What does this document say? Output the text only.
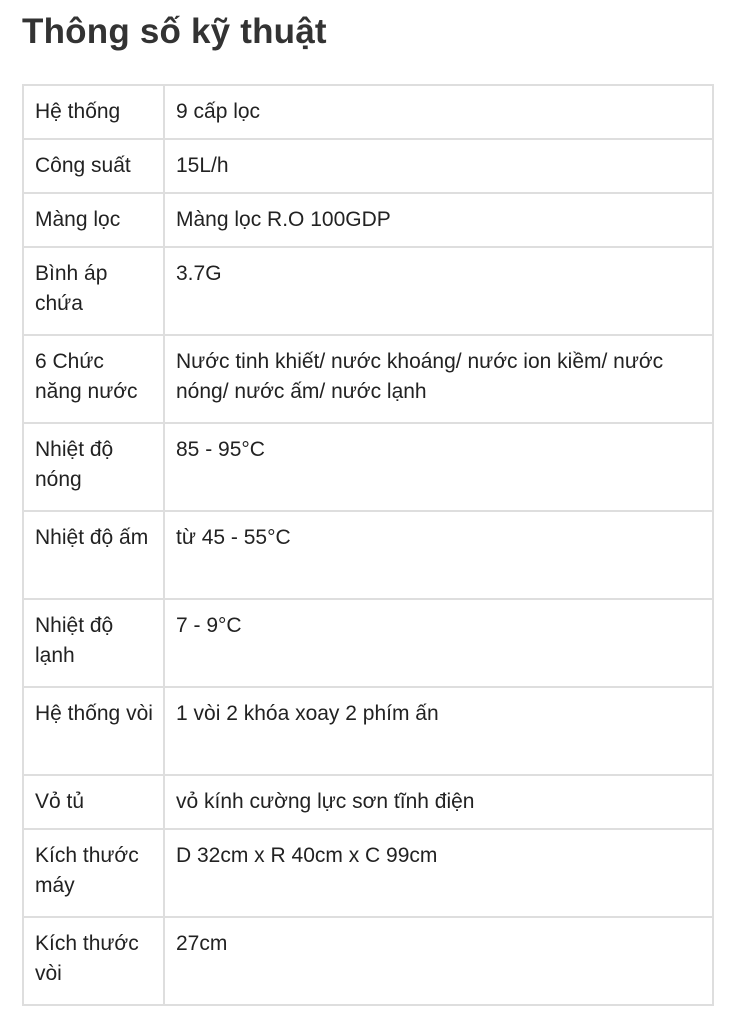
Thông số kỹ thuật
Hệ thống	9 cấp lọc
Công suất	15L/h
Màng lọc	Màng lọc R.O 100GDP
Bình áp chứa	3.7G
6 Chức năng nước	Nước tinh khiết/ nước khoáng/ nước ion kiềm/ nước nóng/ nước ấm/ nước lạnh
Nhiệt độ nóng	85 - 95°C
Nhiệt độ ấm	từ 45 - 55°C
Nhiệt độ lạnh	7 - 9°C
Hệ thống vòi	1 vòi 2 khóa xoay 2 phím ấn
Vỏ tủ	vỏ kính cường lực sơn tĩnh điện
Kích thước máy	D 32cm x R 40cm x C 99cm
Kích thước vòi	27cm
